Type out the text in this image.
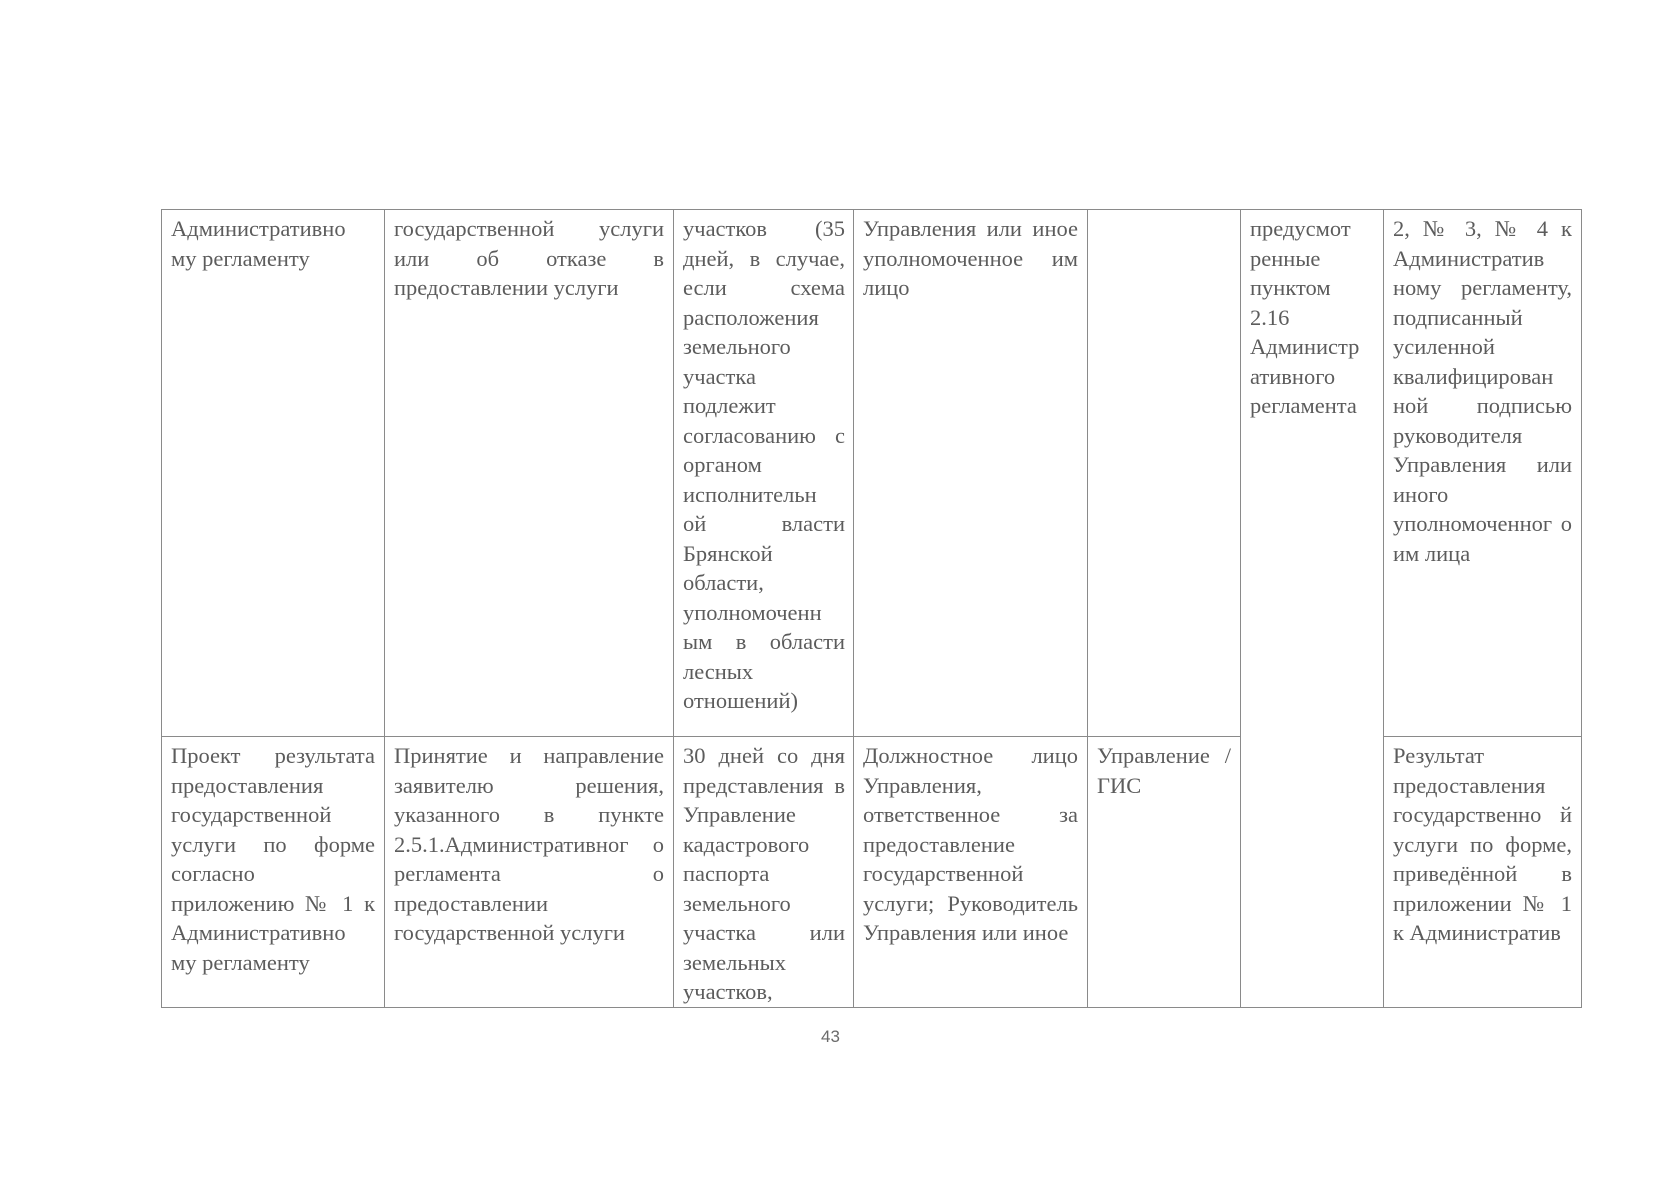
Административно му регламенту	государственной услуги или об отказе в предоставлении услуги	участков (35 дней, в случае, если схема расположения земельного участка подлежит согласованию с органом исполнительн ой власти Брянской области, уполномоченн ым в области лесных отношений)	Управления или иное уполномоченное им лицо		предусмот ренные пунктом 2.16 Администр ативного регламента	2, № 3, № 4 к Административ ному регламенту, подписанный усиленной квалифицирован ной подписью руководителя Управления или иного уполномоченног о им лица
Проект результата предоставления государственной услуги по форме согласно приложению № 1 к Административно му регламенту	Принятие и направление заявителю решения, указанного в пункте 2.5.1.Административног о регламента о предоставлении государственной услуги	30 дней со дня представления в Управление кадастрового паспорта земельного участка или земельных участков,	Должностное лицо Управления, ответственное за предоставление государственной услуги; Руководитель Управления или иное	Управление / ГИС		Результат предоставления государственно й услуги по форме, приведённой в приложении № 1 к Административ
43
